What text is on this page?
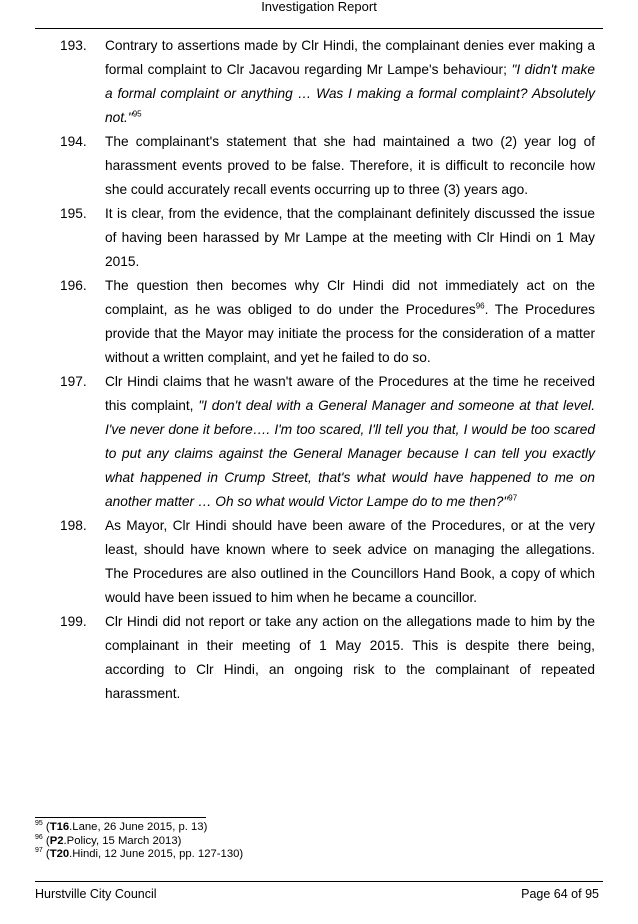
Investigation Report
193. Contrary to assertions made by Clr Hindi, the complainant denies ever making a formal complaint to Clr Jacavou regarding Mr Lampe's behaviour; "I didn't make a formal complaint or anything … Was I making a formal complaint? Absolutely not."$^{95}$
194. The complainant's statement that she had maintained a two (2) year log of harassment events proved to be false. Therefore, it is difficult to reconcile how she could accurately recall events occurring up to three (3) years ago.
195. It is clear, from the evidence, that the complainant definitely discussed the issue of having been harassed by Mr Lampe at the meeting with Clr Hindi on 1 May 2015.
196. The question then becomes why Clr Hindi did not immediately act on the complaint, as he was obliged to do under the Procedures$^{96}$. The Procedures provide that the Mayor may initiate the process for the consideration of a matter without a written complaint, and yet he failed to do so.
197. Clr Hindi claims that he wasn't aware of the Procedures at the time he received this complaint, "I don't deal with a General Manager and someone at that level. I've never done it before…. I'm too scared, I'll tell you that, I would be too scared to put any claims against the General Manager because I can tell you exactly what happened in Crump Street, that's what would have happened to me on another matter … Oh so what would Victor Lampe do to me then?"$^{97}$
198. As Mayor, Clr Hindi should have been aware of the Procedures, or at the very least, should have known where to seek advice on managing the allegations. The Procedures are also outlined in the Councillors Hand Book, a copy of which would have been issued to him when he became a councillor.
199. Clr Hindi did not report or take any action on the allegations made to him by the complainant in their meeting of 1 May 2015. This is despite there being, according to Clr Hindi, an ongoing risk to the complainant of repeated harassment.
$^{95}$ (T16.Lane, 26 June 2015, p. 13)
$^{96}$ (P2.Policy, 15 March 2013)
$^{97}$ (T20.Hindi, 12 June 2015, pp. 127-130)
Hurstville City Council	Page 64 of 95
